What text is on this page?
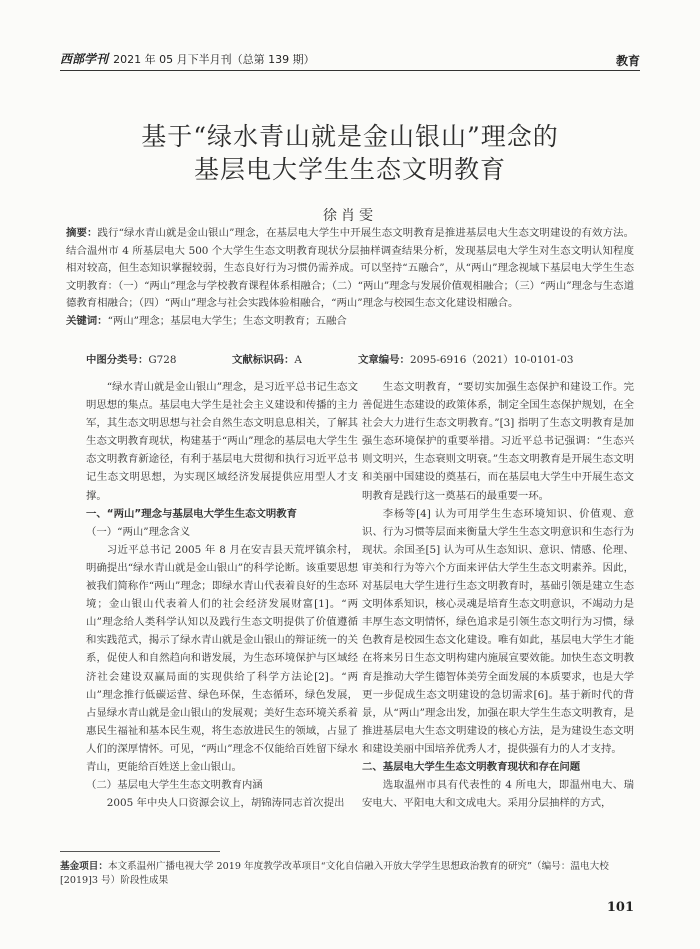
西部学刊 2021 年 05 月下半月刊（总第 139 期）	教育
基于“绿水青山就是金山银山”理念的
基层电大学生生态文明教育
徐肖雯
摘要：践行“绿水青山就是金山银山”理念，在基层电大学生中开展生态文明教育是推进基层电大生态文明建设的有效方法。结合温州市 4 所基层电大 500 个大学生生态文明教育现状分层抽样调查结果分析，发现基层电大学生对生态文明认知程度相对较高，但生态知识掌握较弱，生态良好行为习惯仍需养成。可以坚持“五融合”，从“两山”理念视域下基层电大学生生态文明教育：（一）“两山”理念与学校教育课程体系相融合；（二）“两山”理念与发展价值观相融合；（三）“两山”理念与生态道德教育相融合；（四）“两山”理念与社会实践体验相融合，“两山”理念与校园生态文化建设相融合。
关键词：“两山”理念；基层电大学生；生态文明教育；五融合
中图分类号：G728	文献标识码：A	文章编号：2095-6916（2021）10-0101-03

“绿水青山就是金山银山”理念，是习近平总书记生态文明思想的集点。基层电大学生是社会主义建设和传播的主力军，其生态文明思想与社会自然生态文明息息相关，了解其生态文明教育现状，构建基于“两山”理念的基层电大学生生态文明教育新途径，有利于基层电大贯彻和执行习近平总书记生态文明思想，为实现区域经济发展提供应用型人才支撑。

一、“两山”理念与基层电大学生生态文明教育

（一）“两山”理念含义

习近平总书记 2005 年 8 月在安吉县天荒坪镇余村，明确提出“绿水青山就是金山银山”的科学论断。该重要思想被我们简称作“两山”理念；即绿水青山代表着良好的生态环境；金山银山代表着人们的社会经济发展财富[1]。“两山”理念给人类科学认知以及践行生态文明提供了价值遵循和实践范式，揭示了绿水青山就是金山银山的辩证统一的关系，促使人和自然趋向和谐发展，为生态环境保护与区域经济社会建设双赢局面的实现供给了科学方法论[2]。“两山”理念推行低碳运营、绿色环保，生态循环，绿色发展，占显绿水青山就是金山银山的发展观；美好生态环境关系着惠民生福祉和基本民生观，将生态放进民生的领域，占显了人们的深厚情怀。可见，“两山”理念不仅能给百姓留下绿水青山，更能给百姓送上金山银山。

（二）基层电大学生生态文明教育内涵

2005 年中央人口资源会议上，胡锦涛同志首次提出

生态文明教育，“要切实加强生态保护和建设工作。完善促进生态建设的政策体系，制定全国生态保护规划，在全社会大力进行生态文明教育。”[3] 指明了生态文明教育是加强生态环境保护的重要举措。习近平总书记强调：“生态兴则文明兴，生态衰则文明衰。”生态文明教育是开展生态文明和美丽中国建设的奠基石，而在基层电大学生中开展生态文明教育是践行这一奠基石的最重要一环。

李杨等[4] 认为可用学生生态环境知识、价值观、意识、行为习惯等层面来衡量大学生生态文明意识和生态行为现状。余国圣[5] 认为可从生态知识、意识、情感、伦理、审美和行为等六个方面来评估大学生生态文明素养。因此，对基层电大学生进行生态文明教育时，基础引领是建立生态文明体系知识，核心灵魂是培育生态文明意识，不竭动力是丰厚生态文明情怀，绿色追求是引领生态文明行为习惯，绿色教育是校园生态文化建设。唯有如此，基层电大学生才能在将来另日生态文明构建内施展宣要效能。加快生态文明教育是推动大学生德智体美劳全面发展的本质要求，也是大学更一步促成生态文明建设的急切需求[6]。基于新时代的背景，从“两山”理念出发，加强在职大学生生态文明教育，是推进基层电大生态文明建设的核心方法，是为建设生态文明和建设美丽中国培养优秀人才，提供强有力的人才支持。

二、基层电大学生生态文明教育现状和存在问题

选取温州市具有代表性的 4 所电大，即温州电大、瑞安电大、平阳电大和文成电大。采用分层抽样的方式，

基金项目：本文系温州广播电视大学 2019 年度教学改革项目“文化自信融入开放大学学生思想政治教育的研究”（编号：温电大校[2019]3 号）阶段性成果
101
